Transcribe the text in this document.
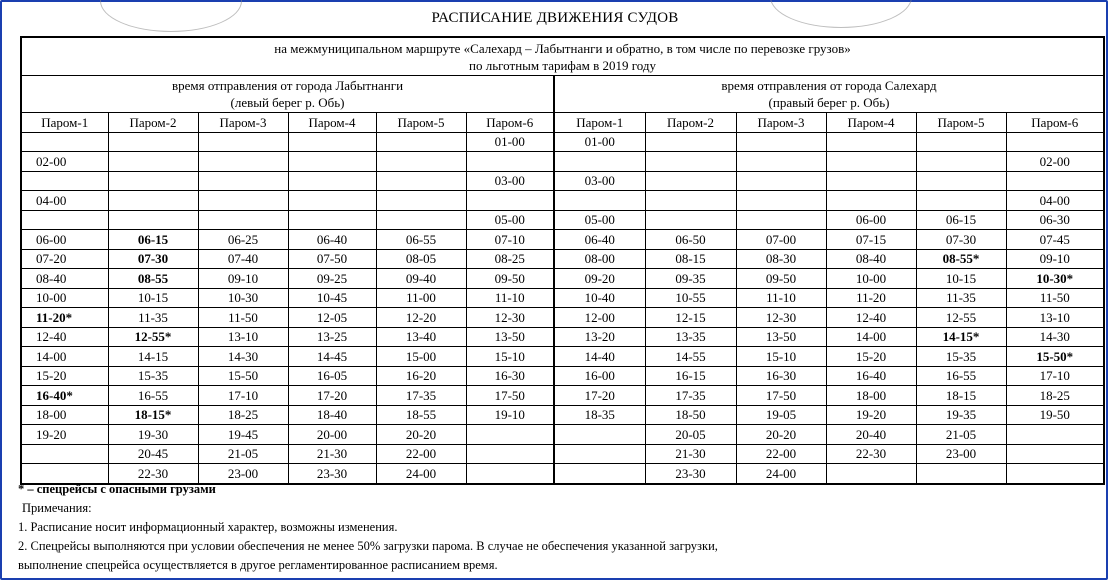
РАСПИСАНИЕ ДВИЖЕНИЯ СУДОВ
на межмуниципальном маршруте «Салехард – Лабытнанги и обратно, в том числе по перевозке грузов»
по льготным тарифам в 2019 году											
время отправления от города Лабытнанги
(левый берег р. Обь)						время отправления от города Салехард
(правый берег р. Обь)					
Паром-1	Паром-2	Паром-3	Паром-4	Паром-5	Паром-6	Паром-1	Паром-2	Паром-3	Паром-4	Паром-5	Паром-6
					01-00	01-00					
02-00											02-00
					03-00	03-00					
04-00											04-00
					05-00	05-00			06-00	06-15	06-30
06-00	06-15	06-25	06-40	06-55	07-10	06-40	06-50	07-00	07-15	07-30	07-45
07-20	07-30	07-40	07-50	08-05	08-25	08-00	08-15	08-30	08-40	08-55*	09-10
08-40	08-55	09-10	09-25	09-40	09-50	09-20	09-35	09-50	10-00	10-15	10-30*
10-00	10-15	10-30	10-45	11-00	11-10	10-40	10-55	11-10	11-20	11-35	11-50
11-20*	11-35	11-50	12-05	12-20	12-30	12-00	12-15	12-30	12-40	12-55	13-10
12-40	12-55*	13-10	13-25	13-40	13-50	13-20	13-35	13-50	14-00	14-15*	14-30
14-00	14-15	14-30	14-45	15-00	15-10	14-40	14-55	15-10	15-20	15-35	15-50*
15-20	15-35	15-50	16-05	16-20	16-30	16-00	16-15	16-30	16-40	16-55	17-10
16-40*	16-55	17-10	17-20	17-35	17-50	17-20	17-35	17-50	18-00	18-15	18-25
18-00	18-15*	18-25	18-40	18-55	19-10	18-35	18-50	19-05	19-20	19-35	19-50
19-20	19-30	19-45	20-00	20-20			20-05	20-20	20-40	21-05	
	20-45	21-05	21-30	22-00			21-30	22-00	22-30	23-00	
	22-30	23-00	23-30	24-00			23-30	24-00			
* – спецрейсы с опасными грузами
Примечания:
1. Расписание носит информационный характер, возможны изменения.
2. Спецрейсы выполняются при условии обеспечения не менее 50% загрузки парома. В случае не обеспечения указанной загрузки,
выполнение спецрейса осуществляется в другое регламентированное расписанием время.
